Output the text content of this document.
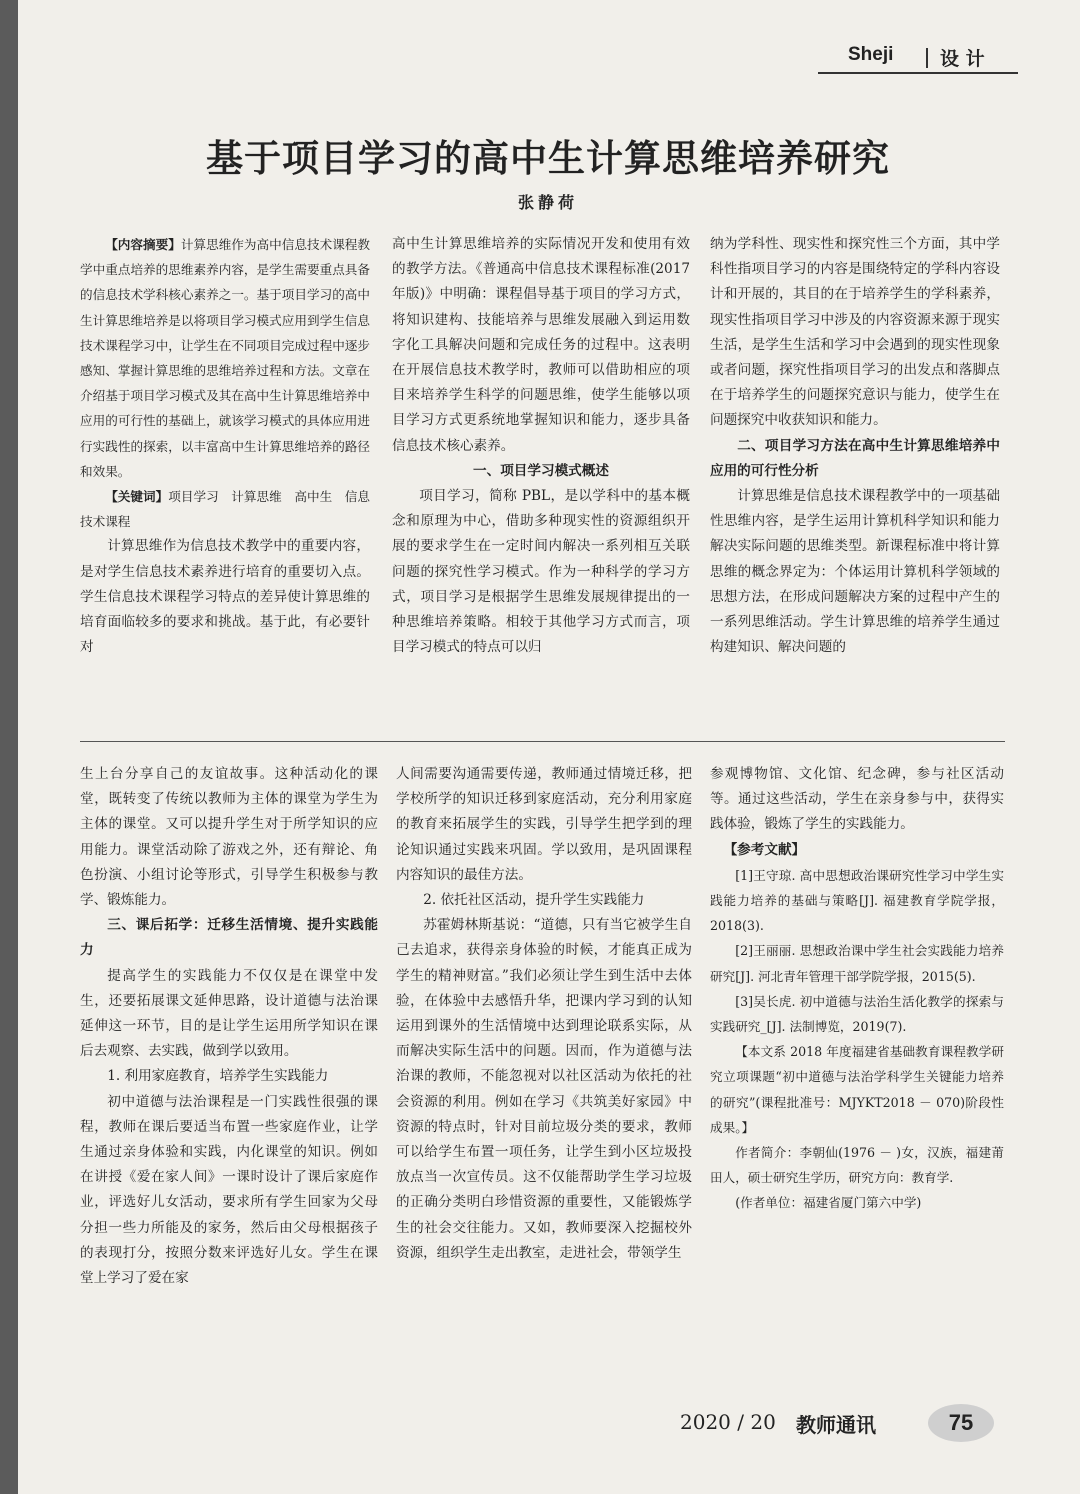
Sheji 设 计
基于项目学习的高中生计算思维培养研究
张静荷

【内容摘要】计算思维作为高中信息技术课程教学中重点培养的思维素养内容，是学生需要重点具备的信息技术学科核心素养之一。基于项目学习的高中生计算思维培养是以将项目学习模式应用到学生信息技术课程学习中，让学生在不同项目完成过程中逐步感知、掌握计算思维的思维培养过程和方法。文章在介绍基于项目学习模式及其在高中生计算思维培养中应用的可行性的基础上，就该学习模式的具体应用进行实践性的探索，以丰富高中生计算思维培养的路径和效果。

【关键词】项目学习　计算思维　高中生　信息技术课程

计算思维作为信息技术教学中的重要内容，是对学生信息技术素养进行培育的重要切入点。学生信息技术课程学习特点的差异使计算思维的培育面临较多的要求和挑战。基于此，有必要针对

高中生计算思维培养的实际情况开发和使用有效的教学方法。《普通高中信息技术课程标准(2017 年版)》中明确：课程倡导基于项目的学习方式，将知识建构、技能培养与思维发展融入到运用数字化工具解决问题和完成任务的过程中。这表明在开展信息技术教学时，教师可以借助相应的项目来培养学生科学的问题思维，使学生能够以项目学习方式更系统地掌握知识和能力，逐步具备信息技术核心素养。

一、项目学习模式概述

项目学习，简称 PBL，是以学科中的基本概念和原理为中心，借助多种现实性的资源组织开展的要求学生在一定时间内解决一系列相互关联问题的探究性学习模式。作为一种科学的学习方式，项目学习是根据学生思维发展规律提出的一种思维培养策略。相较于其他学习方式而言，项目学习模式的特点可以归

纳为学科性、现实性和探究性三个方面，其中学科性指项目学习的内容是围绕特定的学科内容设计和开展的，其目的在于培养学生的学科素养，现实性指项目学习中涉及的内容资源来源于现实生活，是学生生活和学习中会遇到的现实性现象或者问题，探究性指项目学习的出发点和落脚点在于培养学生的问题探究意识与能力，使学生在问题探究中收获知识和能力。

二、项目学习方法在高中生计算思维培养中应用的可行性分析

计算思维是信息技术课程教学中的一项基础性思维内容，是学生运用计算机科学知识和能力解决实际问题的思维类型。新课程标准中将计算思维的概念界定为：个体运用计算机科学领域的思想方法，在形成问题解决方案的过程中产生的一系列思维活动。学生计算思维的培养学生通过构建知识、解决问题的

生上台分享自己的友谊故事。这种活动化的课堂，既转变了传统以教师为主体的课堂为学生为主体的课堂。又可以提升学生对于所学知识的应用能力。课堂活动除了游戏之外，还有辩论、角色扮演、小组讨论等形式，引导学生积极参与教学、锻炼能力。

三、课后拓学：迁移生活情境、提升实践能力

提高学生的实践能力不仅仅是在课堂中发生，还要拓展课文延伸思路，设计道德与法治课延伸这一环节，目的是让学生运用所学知识在课后去观察、去实践，做到学以致用。

1. 利用家庭教育，培养学生实践能力

初中道德与法治课程是一门实践性很强的课程，教师在课后要适当布置一些家庭作业，让学生通过亲身体验和实践，内化课堂的知识。例如在讲授《爱在家人间》一课时设计了课后家庭作业，评选好儿女活动，要求所有学生回家为父母分担一些力所能及的家务，然后由父母根据孩子的表现打分，按照分数来评选好儿女。学生在课堂上学习了爱在家

人间需要沟通需要传递，教师通过情境迁移，把学校所学的知识迁移到家庭活动，充分利用家庭的教育来拓展学生的实践，引导学生把学到的理论知识通过实践来巩固。学以致用，是巩固课程内容知识的最佳方法。

2. 依托社区活动，提升学生实践能力

苏霍姆林斯基说：“道德，只有当它被学生自己去追求，获得亲身体验的时候，才能真正成为学生的精神财富。”我们必须让学生到生活中去体验，在体验中去感悟升华，把课内学习到的认知运用到课外的生活情境中达到理论联系实际，从而解决实际生活中的问题。因而，作为道德与法治课的教师，不能忽视对以社区活动为依托的社会资源的利用。例如在学习《共筑美好家园》中资源的特点时，针对目前垃圾分类的要求，教师可以给学生布置一项任务，让学生到小区垃圾投放点当一次宣传员。这不仅能帮助学生学习垃圾的正确分类明白珍惜资源的重要性，又能锻炼学生的社会交往能力。又如，教师要深入挖掘校外资源，组织学生走出教室，走进社会，带领学生

参观博物馆、文化馆、纪念碑，参与社区活动等。通过这些活动，学生在亲身参与中，获得实践体验，锻炼了学生的实践能力。

【参考文献】

[1]王守琼. 高中思想政治课研究性学习中学生实践能力培养的基础与策略[J]. 福建教育学院学报，2018(3).

[2]王丽丽. 思想政治课中学生社会实践能力培养研究[J]. 河北青年管理干部学院学报，2015(5).

[3]吴长虎. 初中道德与法治生活化教学的探索与实践研究_[J]. 法制博览，2019(7).

【本文系 2018 年度福建省基础教育课程教学研究立项课题“初中道德与法治学科学生关键能力培养的研究”(课程批准号：MJYKT2018 － 070)阶段性成果。】

作者简介：李朝仙(1976 － )女，汉族，福建莆田人，硕士研究生学历，研究方向：教育学.

(作者单位：福建省厦门第六中学)

2020 / 20 教师通讯	75
